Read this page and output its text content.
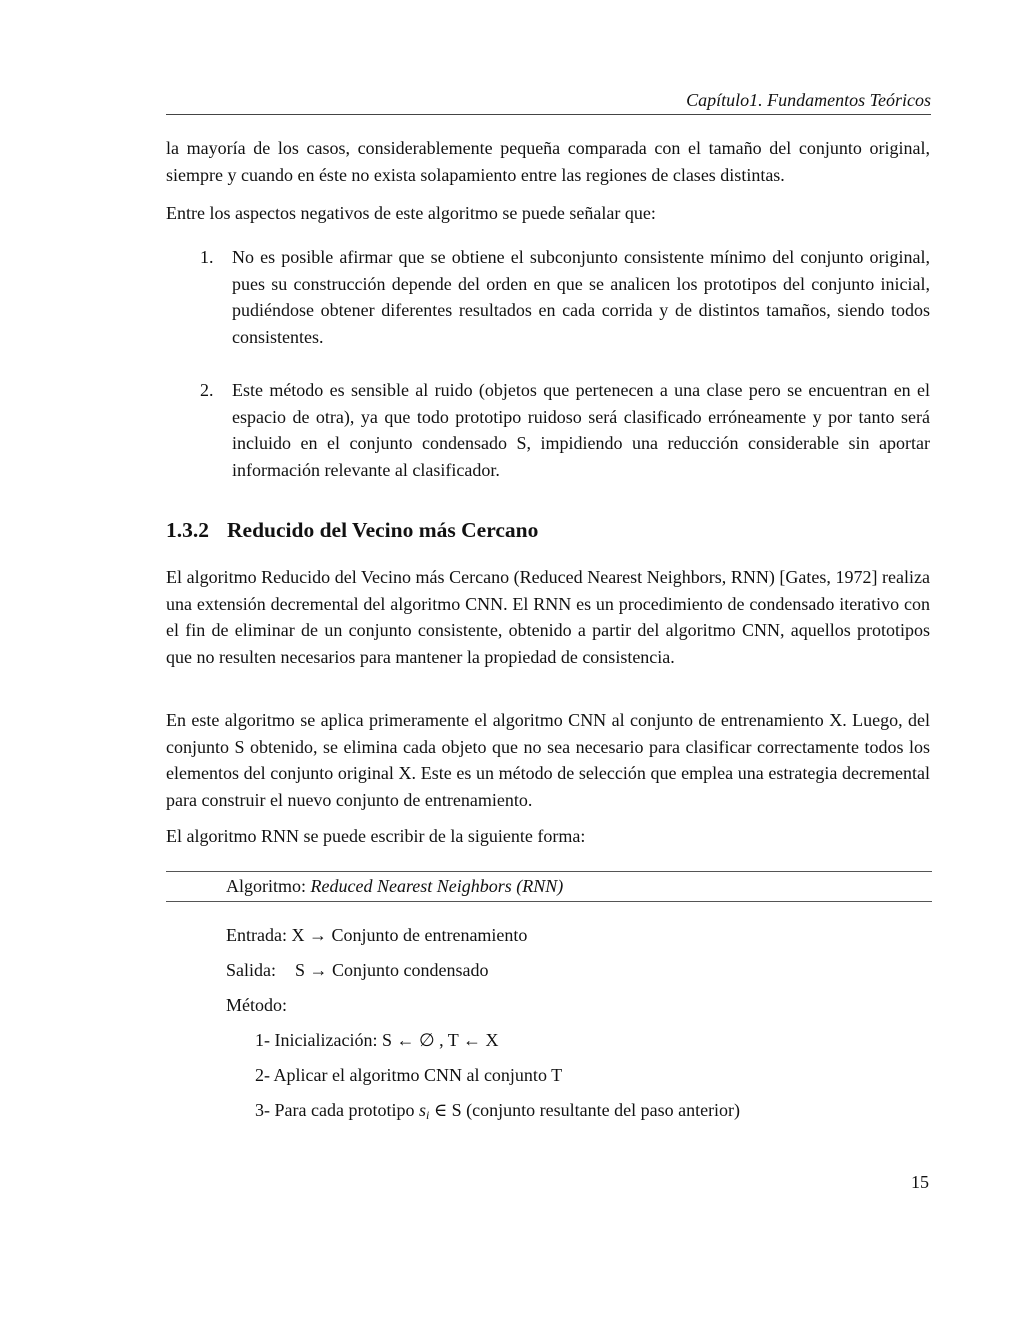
Capítulo1. Fundamentos Teóricos

la mayoría de los casos, considerablemente pequeña comparada con el tamaño del conjunto original, siempre y cuando en éste no exista solapamiento entre las regiones de clases distintas.

Entre los aspectos negativos de este algoritmo se puede señalar que:

1. No es posible afirmar que se obtiene el subconjunto consistente mínimo del conjunto original, pues su construcción depende del orden en que se analicen los prototipos del conjunto inicial, pudiéndose obtener diferentes resultados en cada corrida y de distintos tamaños, siendo todos consistentes.
2. Este método es sensible al ruido (objetos que pertenecen a una clase pero se encuentran en el espacio de otra), ya que todo prototipo ruidoso será clasificado erróneamente y por tanto será incluido en el conjunto condensado S, impidiendo una reducción considerable sin aportar información relevante al clasificador.
1.3.2 Reducido del Vecino más Cercano

El algoritmo Reducido del Vecino más Cercano (Reduced Nearest Neighbors, RNN) [Gates, 1972] realiza una extensión decremental del algoritmo CNN. El RNN es un procedimiento de condensado iterativo con el fin de eliminar de un conjunto consistente, obtenido a partir del algoritmo CNN, aquellos prototipos que no resulten necesarios para mantener la propiedad de consistencia.

En este algoritmo se aplica primeramente el algoritmo CNN al conjunto de entrenamiento X. Luego, del conjunto S obtenido, se elimina cada objeto que no sea necesario para clasificar correctamente todos los elementos del conjunto original X. Este es un método de selección que emplea una estrategia decremental para construir el nuevo conjunto de entrenamiento.

El algoritmo RNN se puede escribir de la siguiente forma:

Algoritmo: Reduced Nearest Neighbors (RNN)
Entrada: X → Conjunto de entrenamiento
Salida: S → Conjunto condensado
Método:
1- Inicialización: S ← ∅ , T ← X
2- Aplicar el algoritmo CNN al conjunto T
3- Para cada prototipo $s_i$ ∈ S (conjunto resultante del paso anterior)
15
